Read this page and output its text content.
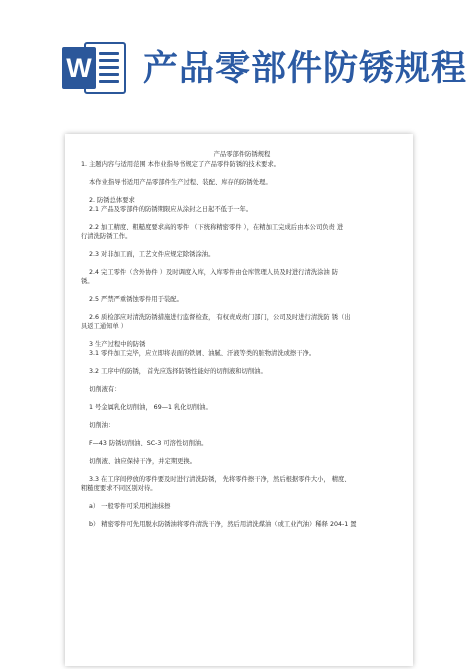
W 产品零部件防锈规程

产品零部件防锈规程

1. 主题内容与适用范围 本作业指导书规定了产品零件防锈的技术要求。

本作业指导书适用产品零部件生产过程、装配、库存的防锈处理。

2. 防锈总体要求

2.1 产品及零部件的防锈期限应从涂封之日起不低于一年。

2.2 加工精度、粗糙度要求高的零件 （下统称精密零件 ），在精加工完成后由本公司负责 进

行清洗防锈工作。

2.3 对非加工面，工艺文件应规定除锈涂油。

2.4 完工零件（含外协件 ）及时调度入库，入库零件由仓库管理人员及时进行清洗涂油 防

锈。

2.5 严禁严重锈蚀零件用于装配。

2.6 质检部应对清洗防锈措施进行监督检查， 有权责成责门部门，公司及时进行清洗防 锈（出

具返工通知单 ）

3 生产过程中的防锈

3.1 零件加工完毕，应立即将表面的铁屑、油腻、汗液等类的脏物清洗或擦干净。

3.2 工序中的防锈， 首先应选择防锈性能好的切削液和切削油。

切削液有：

1 号金属乳化切削油， 69—1 乳化切削油。

切削油：

F—43 防锈切削油、SC-3 可溶性切削油。

切削液、油应保持干净，并定期更换。

3.3 在工序间停放的零件要及时进行清洗防锈， 先将零件擦干净，然后根据零件大小， 精度、

粗糙度要求不同区别对待。

a） 一般零件可采用机油抹擦

b） 精密零件可先用脱水防锈油将零件清洗干净，然后用清洗煤油（或工业汽油）稀释 204-1 置
